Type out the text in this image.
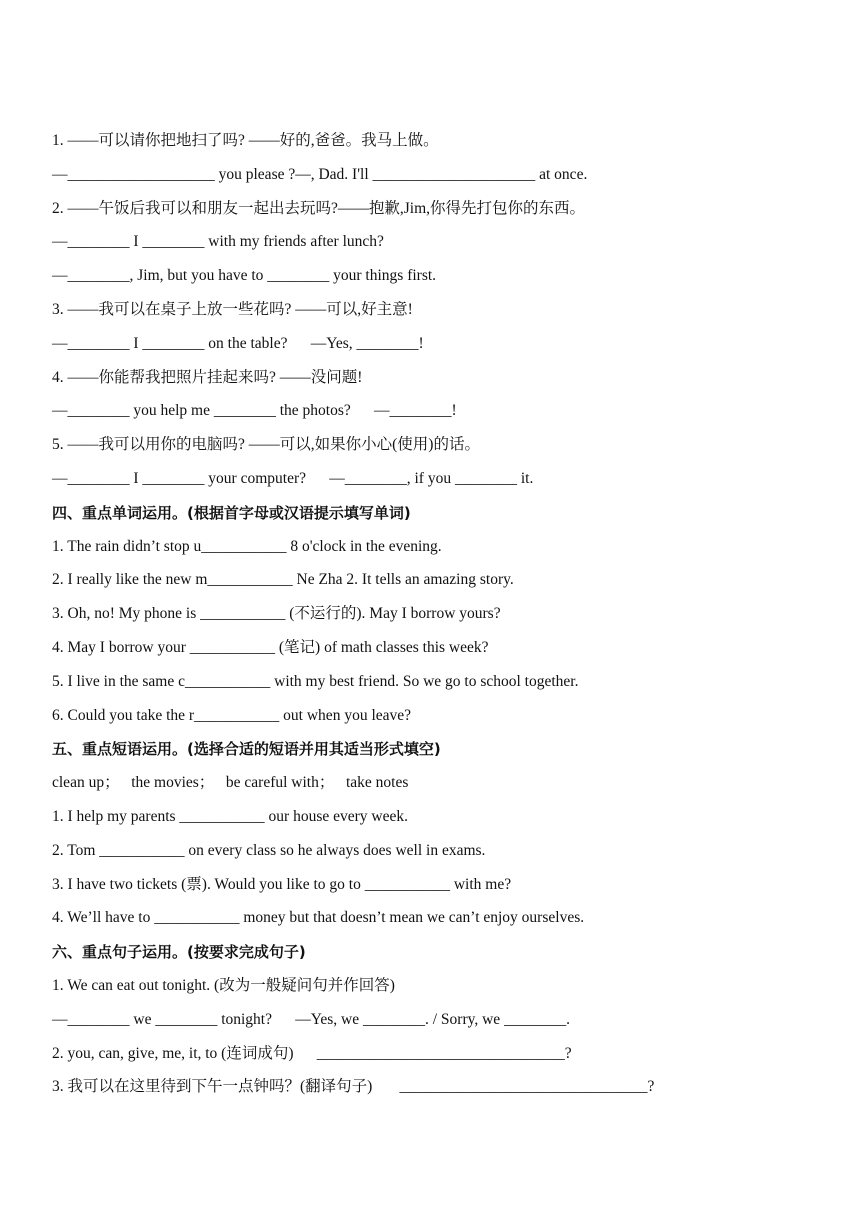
1. ——可以请你把地扫了吗? ——好的,爸爸。我马上做。
—___________________ you please ?—, Dad. I'll _____________________ at once.
2. ——午饭后我可以和朋友一起出去玩吗?——抱歉,Jim,你得先打包你的东西。
—________ I ________ with my friends after lunch?
—________, Jim, but you have to ________ your things first.
3. ——我可以在桌子上放一些花吗? ——可以,好主意!
—________ I ________ on the table?      —Yes, ________!
4. ——你能帮我把照片挂起来吗? ——没问题!
—________ you help me ________ the photos?      —________!
5. ——我可以用你的电脑吗? ——可以,如果你小心(使用)的话。
—________ I ________ your computer?      —________, if you ________ it.
四、重点单词运用。(根据首字母或汉语提示填写单词)
1. The rain didn’t stop u___________ 8 o'clock in the evening.
2. I really like the new m___________ Ne Zha 2. It tells an amazing story.
3. Oh, no! My phone is ___________ (不运行的). May I borrow yours?
4. May I borrow your ___________ (笔记) of math classes this week?
5. I live in the same c___________ with my best friend. So we go to school together.
6. Could you take the r___________ out when you leave?
五、重点短语运用。(选择合适的短语并用其适当形式填空)
clean up；   the movies；   be careful with；   take notes
1. I help my parents ___________ our house every week.
2. Tom ___________ on every class so he always does well in exams.
3. I have two tickets (票). Would you like to go to ___________ with me?
4. We’ll have to ___________ money but that doesn’t mean we can’t enjoy ourselves.
六、重点句子运用。(按要求完成句子)
1. We can eat out tonight. (改为一般疑问句并作回答)
—________ we ________ tonight?      —Yes, we ________. / Sorry, we ________.
2. you, can, give, me, it, to (连词成句)      ________________________________?
3. 我可以在这里待到下午一点钟吗？(翻译句子)       ________________________________?
